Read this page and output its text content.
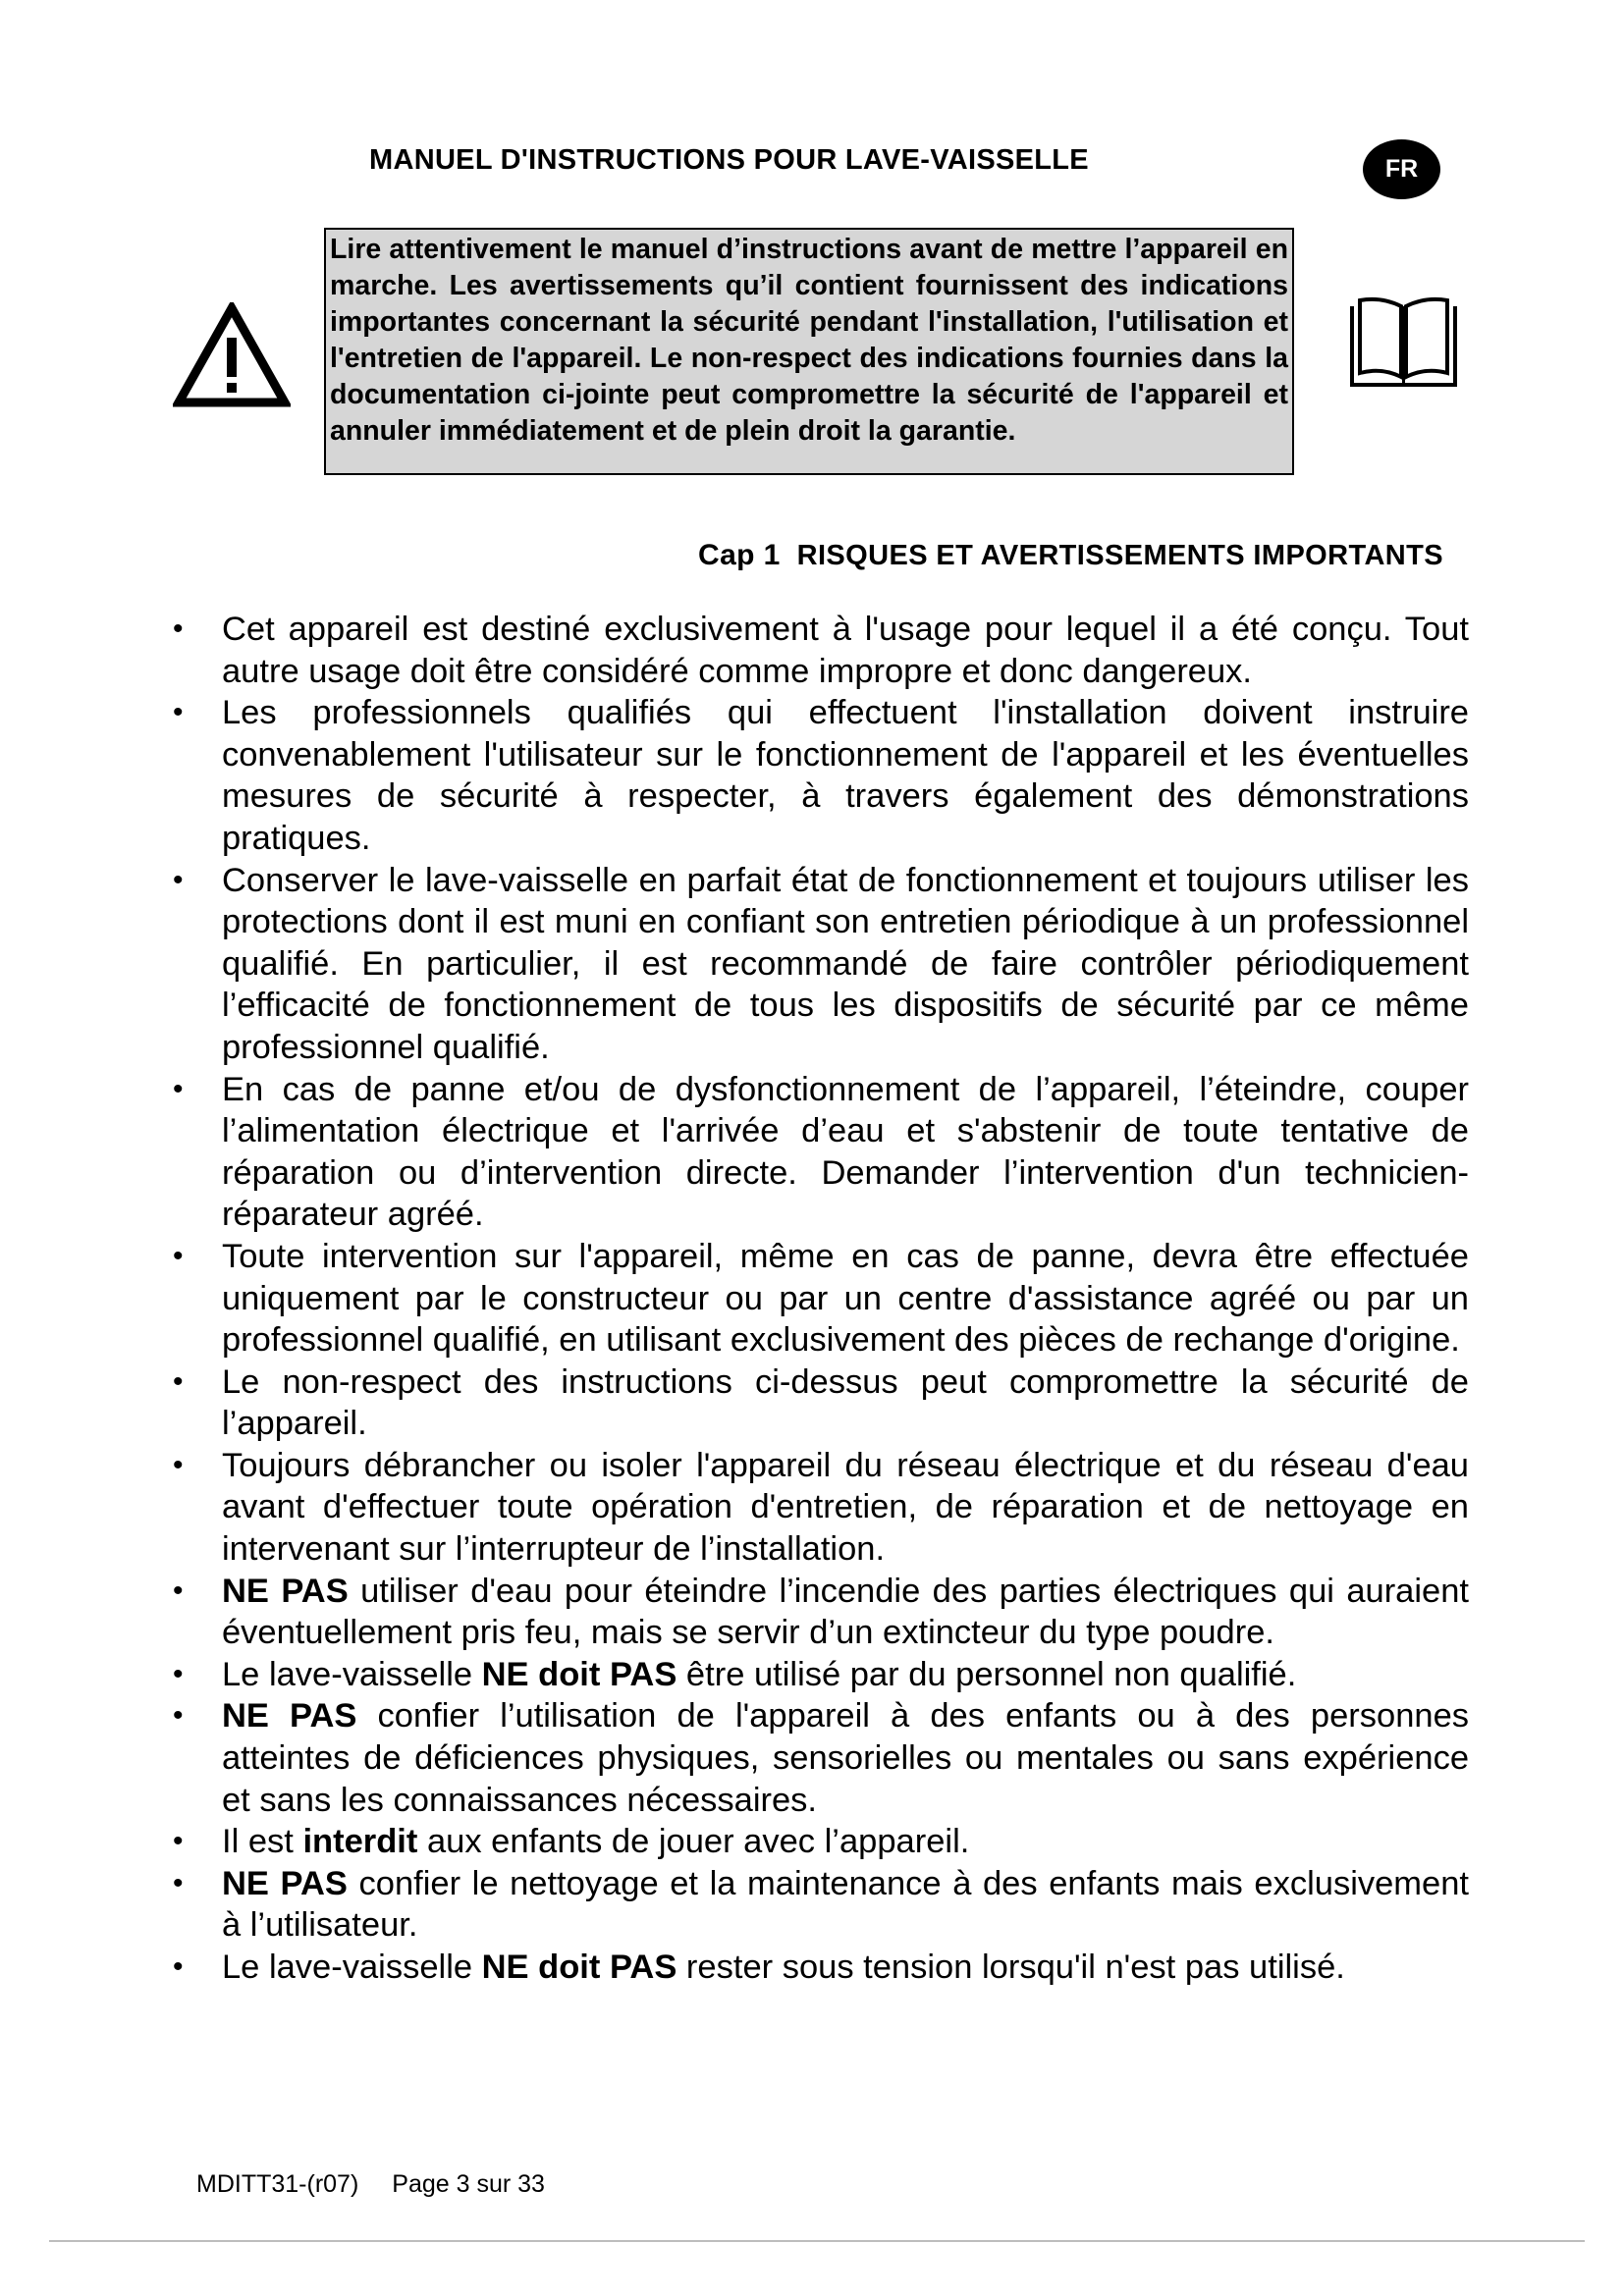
MANUEL D'INSTRUCTIONS POUR LAVE-VAISSELLE	FR
Lire attentivement le manuel d’instructions avant de mettre l’appareil en marche. Les avertissements qu’il contient fournissent des indications importantes concernant la sécurité pendant l'installation, l'utilisation et l'entretien de l'appareil. Le non-respect des indications fournies dans la documentation ci-jointe peut compromettre la sécurité de l'appareil et annuler immédiatement et de plein droit la garantie.
Cap 1 RISQUES ET AVERTISSEMENTS IMPORTANTS
•	Cet appareil est destiné exclusivement à l'usage pour lequel il a été conçu. Tout autre usage doit être considéré comme impropre et donc dangereux.
•	Les professionnels qualifiés qui effectuent l'installation doivent instruire convenablement l'utilisateur sur le fonctionnement de l'appareil et les éventuelles mesures de sécurité à respecter, à travers également des démonstrations pratiques.
•	Conserver le lave-vaisselle en parfait état de fonctionnement et toujours utiliser les protections dont il est muni en confiant son entretien périodique à un professionnel qualifié. En particulier, il est recommandé de faire contrôler périodiquement l’efficacité de fonctionnement de tous les dispositifs de sécurité par ce même professionnel qualifié.
•	En cas de panne et/ou de dysfonctionnement de l’appareil, l’éteindre, couper l’alimentation électrique et l'arrivée d’eau et s'abstenir de toute tentative de réparation ou d’intervention directe. Demander l’intervention d'un technicien-réparateur agréé.
•	Toute intervention sur l'appareil, même en cas de panne, devra être effectuée uniquement par le constructeur ou par un centre d'assistance agréé ou par un professionnel qualifié, en utilisant exclusivement des pièces de rechange d'origine.
•	Le non-respect des instructions ci-dessus peut compromettre la sécurité de l’appareil.
•	Toujours débrancher ou isoler l'appareil du réseau électrique et du réseau d'eau avant d'effectuer toute opération d'entretien, de réparation et de nettoyage en intervenant sur l’interrupteur de l’installation.
•	NE PAS utiliser d'eau pour éteindre l’incendie des parties électriques qui auraient éventuellement pris feu, mais se servir d’un extincteur du type poudre.
•	Le lave-vaisselle NE doit PAS être utilisé par du personnel non qualifié.
•	NE PAS confier l’utilisation de l'appareil à des enfants ou à des personnes atteintes de déficiences physiques, sensorielles ou mentales ou sans expérience et sans les connaissances nécessaires.
•	Il est interdit aux enfants de jouer avec l’appareil.
•	NE PAS confier le nettoyage et la maintenance à des enfants mais exclusivement à l’utilisateur.
•	Le lave-vaisselle NE doit PAS rester sous tension lorsqu'il n'est pas utilisé.
MDITT31-(r07) Page 3 sur 33
